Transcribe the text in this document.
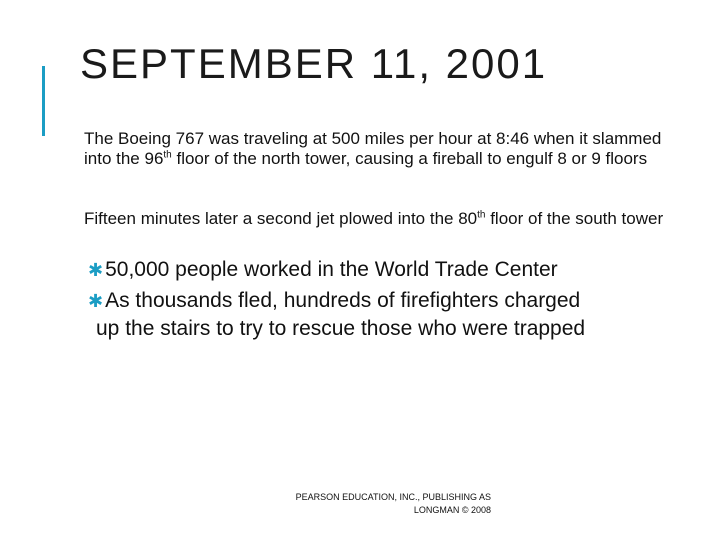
SEPTEMBER 11, 2001

The Boeing 767 was traveling at 500 miles per hour at 8:46 when it slammed into the 96th floor of the north tower, causing a fireball to engulf 8 or 9 floors

Fifteen minutes later a second jet plowed into the 80th floor of the south tower

✱50,000 people worked in the World Trade Center

✱As thousands fled, hundreds of firefighters charged
up the stairs to try to rescue those who were trapped

PEARSON EDUCATION, INC., PUBLISHING AS
LONGMAN © 2008
